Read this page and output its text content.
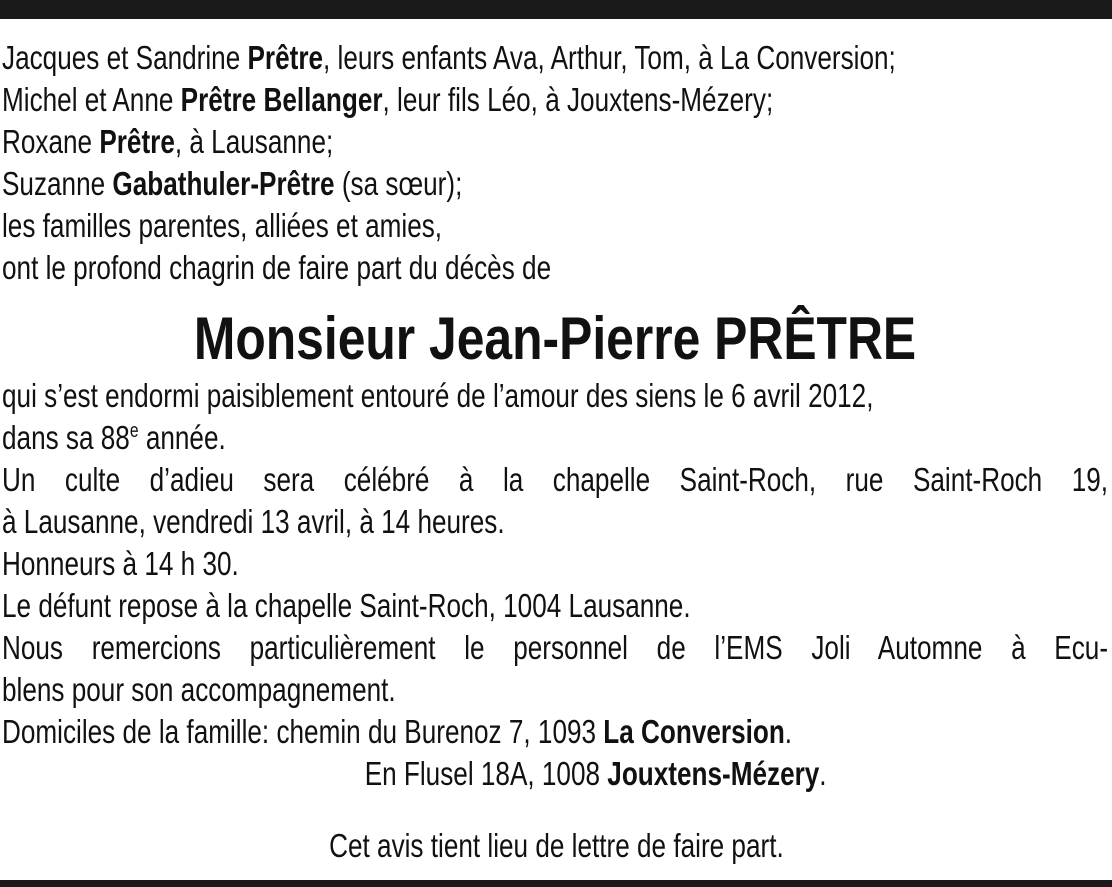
Jacques et Sandrine Prêtre, leurs enfants Ava, Arthur, Tom, à La Conversion;
Michel et Anne Prêtre Bellanger, leur fils Léo, à Jouxtens-Mézery;
Roxane Prêtre, à Lausanne;
Suzanne Gabathuler-Prêtre (sa sœur);
les familles parentes, alliées et amies,
ont le profond chagrin de faire part du décès de
Monsieur Jean-Pierre PRÊTRE
qui s’est endormi paisiblement entouré de l’amour des siens le 6 avril 2012,
dans sa 88e année.
Un culte d’adieu sera célébré à la chapelle Saint-Roch, rue Saint-Roch 19,
à Lausanne, vendredi 13 avril, à 14 heures.
Honneurs à 14 h 30.
Le défunt repose à la chapelle Saint-Roch, 1004 Lausanne.
Nous remercions particulièrement le personnel de l’EMS Joli Automne à Ecu-
blens pour son accompagnement.
Domiciles de la famille: chemin du Burenoz 7, 1093 La Conversion.
En Flusel 18A, 1008 Jouxtens-Mézery.
Cet avis tient lieu de lettre de faire part.
